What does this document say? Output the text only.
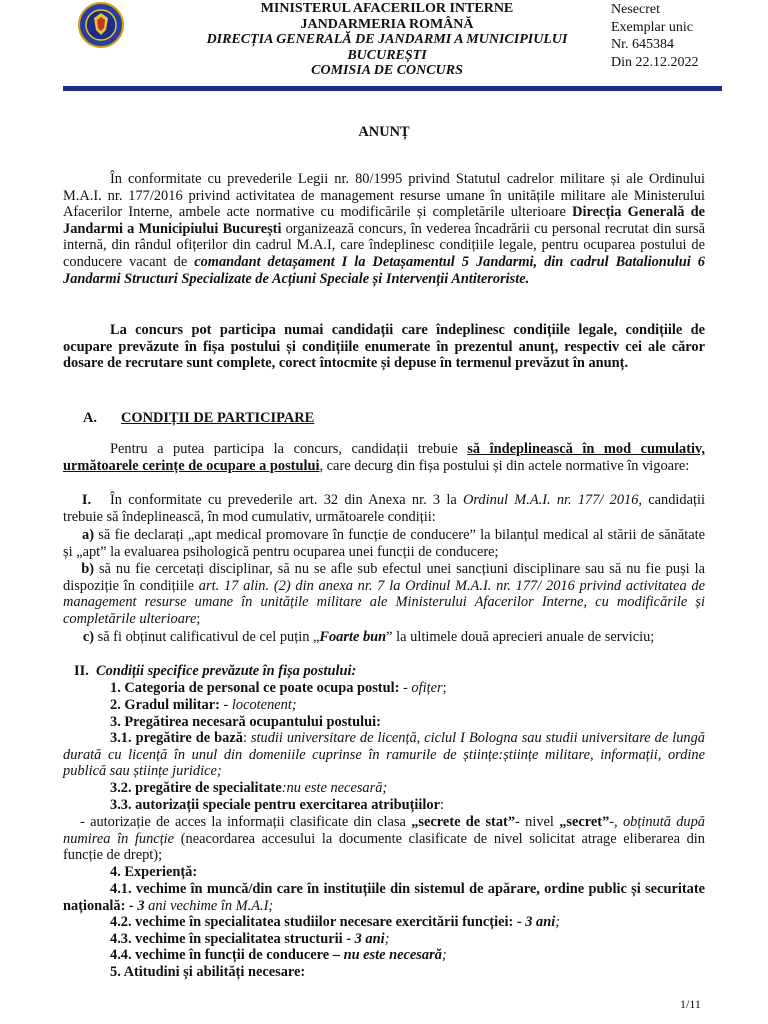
MINISTERUL AFACERILOR INTERNE
JANDARMERIA ROMÂNĂ
DIRECȚIA GENERALĂ DE JANDARMI A MUNICIPIULUI
BUCUREȘTI
COMISIA DE CONCURS
Nesecret
Exemplar unic
Nr. 645384
Din 22.12.2022
ANUNȚ
În conformitate cu prevederile Legii nr. 80/1995 privind Statutul cadrelor militare și ale Ordinului M.A.I. nr. 177/2016 privind activitatea de management resurse umane în unitățile militare ale Ministerului Afacerilor Interne, ambele acte normative cu modificările și completările ulterioare Direcția Generală de Jandarmi a Municipiului București organizează concurs, în vederea încadrării cu personal recrutat din sursă internă, din rândul ofițerilor din cadrul M.A.I, care îndeplinesc condițiile legale, pentru ocuparea postului de conducere vacant de comandant detașament I la Detașamentul 5 Jandarmi, din cadrul Batalionului 6 Jandarmi Structuri Specializate de Acțiuni Speciale și Intervenții Antiteroriste.
La concurs pot participa numai candidații care îndeplinesc condițiile legale, condițiile de ocupare prevăzute în fișa postului și condițiile enumerate în prezentul anunț, respectiv cei ale căror dosare de recrutare sunt complete, corect întocmite și depuse în termenul prevăzut în anunț.
A. CONDIȚII DE PARTICIPARE
Pentru a putea participa la concurs, candidații trebuie să îndeplinească în mod cumulativ, următoarele cerințe de ocupare a postului, care decurg din fișa postului și din actele normative în vigoare:
I. În conformitate cu prevederile art. 32 din Anexa nr. 3 la Ordinul M.A.I. nr. 177/ 2016, candidații trebuie să îndeplinească, în mod cumulativ, următoarele condiții:
a) să fie declarați „apt medical promovare în funcție de conducere” la bilanțul medical al stării de sănătate și „apt” la evaluarea psihologică pentru ocuparea unei funcții de conducere;
b) să nu fie cercetați disciplinar, să nu se afle sub efectul unei sancțiuni disciplinare sau să nu fie puși la dispoziție în condițiile art. 17 alin. (2) din anexa nr. 7 la Ordinul M.A.I. nr. 177/ 2016 privind activitatea de management resurse umane în unitățile militare ale Ministerului Afacerilor Interne, cu modificările și completările ulterioare;
c) să fi obținut calificativul de cel puțin „Foarte bun” la ultimele două aprecieri anuale de serviciu;
II. Condiții specifice prevăzute în fișa postului:
1. Categoria de personal ce poate ocupa postul: - ofițer;
2. Gradul militar: - locotenent;
3. Pregătirea necesară ocupantului postului:
3.1. pregătire de bază: studii universitare de licență, ciclul I Bologna sau studii universitare de lungă durată cu licență în unul din domeniile cuprinse în ramurile de științe:științe militare, informații, ordine publică sau științe juridice;
3.2. pregătire de specialitate:nu este necesară;
3.3. autorizații speciale pentru exercitarea atribuțiilor:
- autorizație de acces la informații clasificate din clasa „secrete de stat”- nivel „secret”-, obținută după numirea în funcție (neacordarea accesului la documente clasificate de nivel solicitat atrage eliberarea din funcție de drept);
4. Experiență:
4.1. vechime în muncă/din care în instituțiile din sistemul de apărare, ordine public și securitate națională: - 3 ani vechime în M.A.I;
4.2. vechime în specialitatea studiilor necesare exercitării funcției: - 3 ani;
4.3. vechime în specialitatea structurii - 3 ani;
4.4. vechime în funcții de conducere – nu este necesară;
5. Atitudini și abilități necesare:
1/11
